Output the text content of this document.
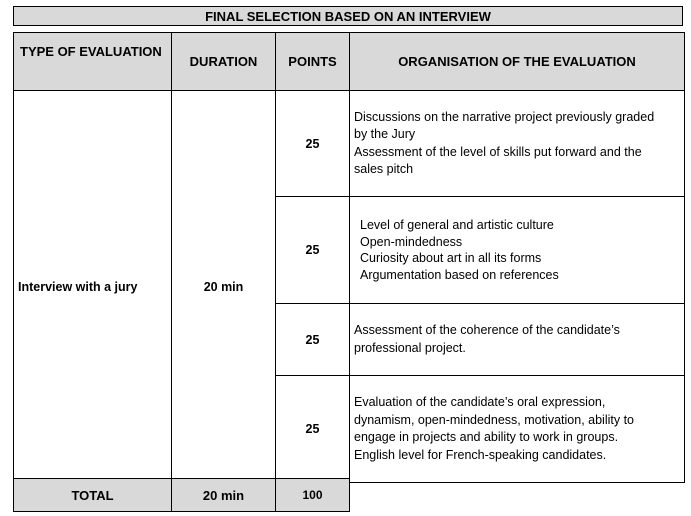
FINAL SELECTION BASED ON AN INTERVIEW
TYPE OF EVALUATION	DURATION	POINTS	ORGANISATION OF THE EVALUATION
Interview with a jury	20 min	25	Discussions on the narrative project previously graded
by the Jury
Assessment of the level of skills put forward and the
sales pitch

		25	Level of general and artistic culture
Open-mindedness
Curiosity about art in all its forms
Argumentation based on references

		25	Assessment of the coherence of the candidate’s
professional project.

		25	Evaluation of the candidate’s oral expression,
dynamism, open-mindedness, motivation, ability to
engage in projects and ability to work in groups.
English level for French-speaking candidates.
TOTAL	20 min	100
